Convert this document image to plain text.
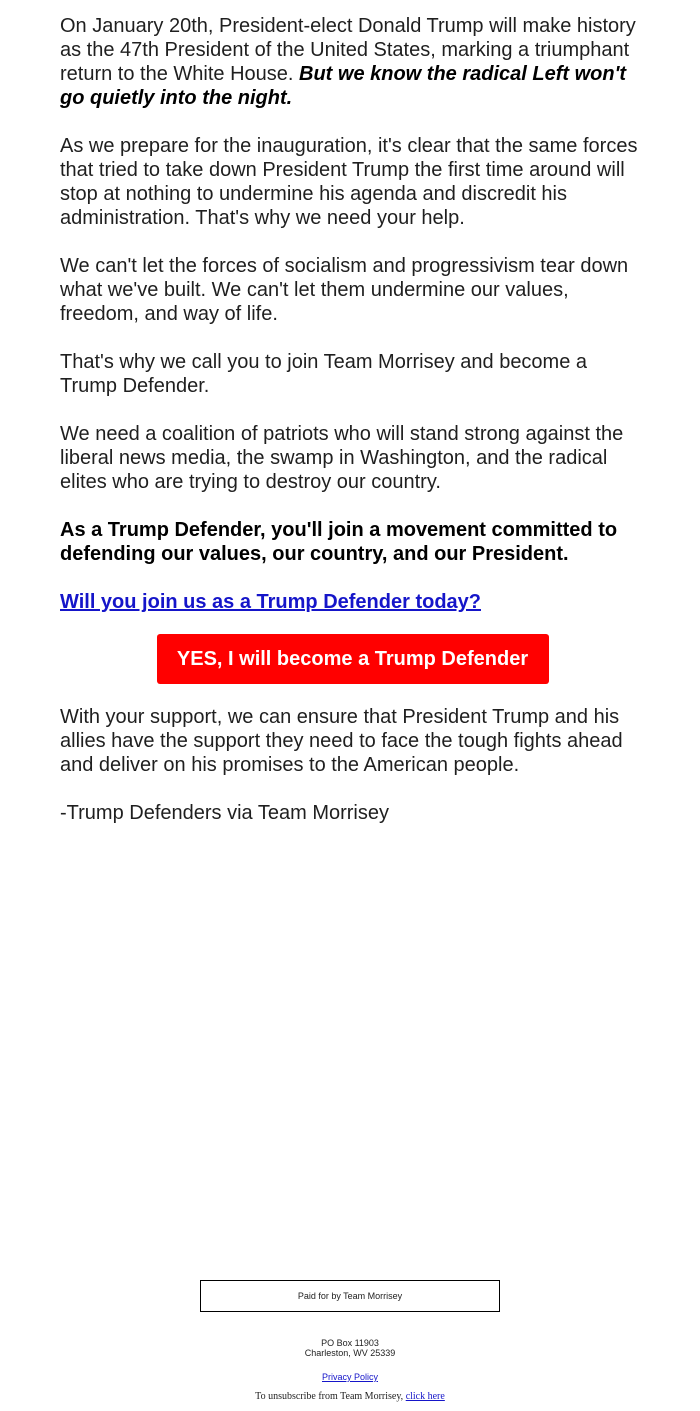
On January 20th, President-elect Donald Trump will make history as the 47th President of the United States, marking a triumphant return to the White House. But we know the radical Left won't go quietly into the night.

As we prepare for the inauguration, it's clear that the same forces that tried to take down President Trump the first time around will stop at nothing to undermine his agenda and discredit his administration. That's why we need your help.

We can't let the forces of socialism and progressivism tear down what we've built. We can't let them undermine our values, freedom, and way of life.

That's why we call you to join Team Morrisey and become a Trump Defender.

We need a coalition of patriots who will stand strong against the liberal news media, the swamp in Washington, and the radical elites who are trying to destroy our country.

As a Trump Defender, you'll join a movement committed to defending our values, our country, and our President.

Will you join us as a Trump Defender today?
YES, I will become a Trump Defender

With your support, we can ensure that President Trump and his allies have the support they need to face the tough fights ahead and deliver on his promises to the American people.

-Trump Defenders via Team Morrisey

Paid for by Team Morrisey
PO Box 11903
Charleston, WV 25339
Privacy Policy
To unsubscribe from Team Morrisey, click here
